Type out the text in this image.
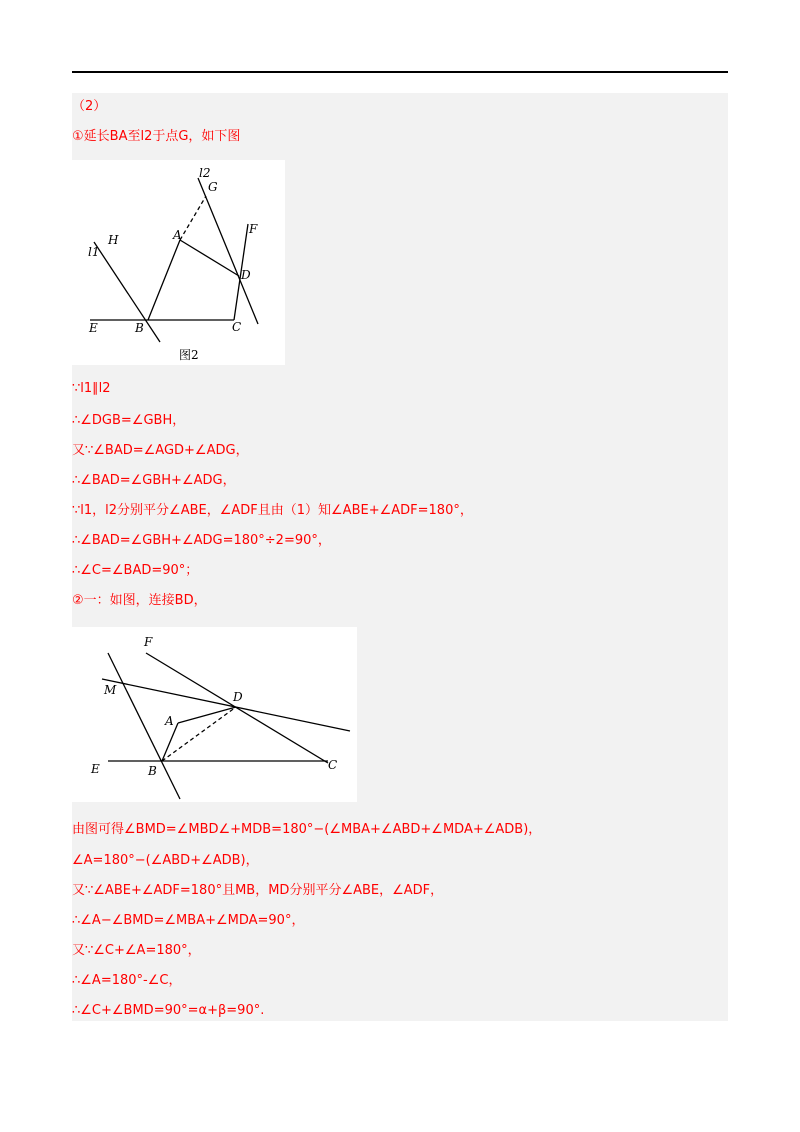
（2）
①延长BA至l2于点G，如下图
l2
G
H
l1
A	F
D
E	B	C
图2
∵l1∥l2
∴∠DGB=∠GBH，
又∵∠BAD=∠AGD+∠ADG，
∴∠BAD=∠GBH+∠ADG，
∵l1，l2分别平分∠ABE，∠ADF且由（1）知∠ABE+∠ADF=180°，
∴∠BAD=∠GBH+∠ADG=180°÷2=90°，
∴∠C=∠BAD=90°；
②一：如图，连接BD，
F
M	D
A
E	B	C
由图可得∠BMD=∠MBD∠+MDB=180°−(∠MBA+∠ABD+∠MDA+∠ADB)，
∠A=180°−(∠ABD+∠ADB)，
又∵∠ABE+∠ADF=180°且MB，MD分别平分∠ABE，∠ADF，
∴∠A−∠BMD=∠MBA+∠MDA=90°，
又∵∠C+∠A=180°，
∴∠A=180°-∠C，
∴∠C+∠BMD=90°=α+β=90°.
